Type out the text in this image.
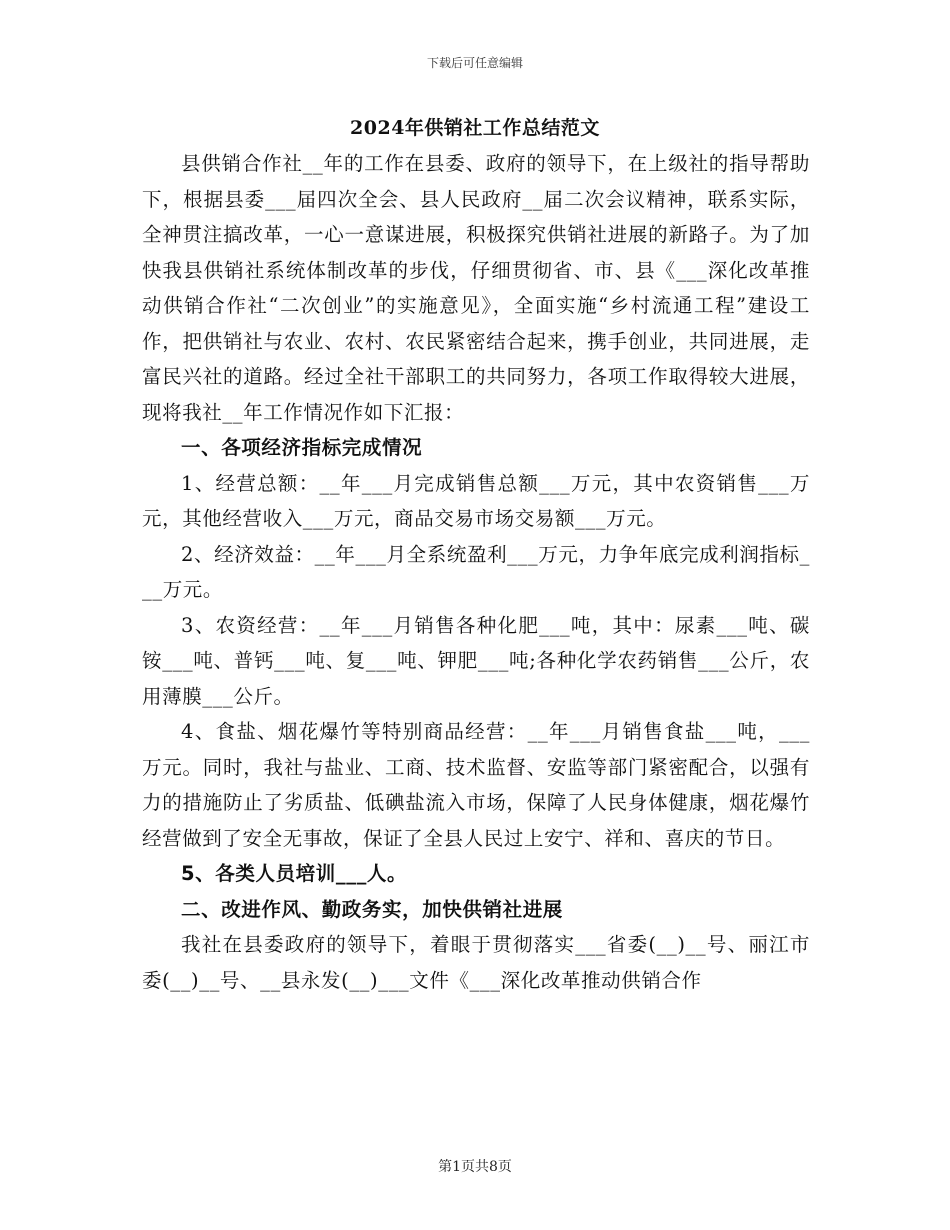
下载后可任意编辑
2024年供销社工作总结范文

县供销合作社__年的工作在县委、政府的领导下，在上级社的指导帮助下，根据县委___届四次全会、县人民政府__届二次会议精神，联系实际，全神贯注搞改革，一心一意谋进展，积极探究供销社进展的新路子。为了加快我县供销社系统体制改革的步伐，仔细贯彻省、市、县《___深化改革推动供销合作社“二次创业”的实施意见》，全面实施“乡村流通工程”建设工作，把供销社与农业、农村、农民紧密结合起来，携手创业，共同进展，走富民兴社的道路。经过全社干部职工的共同努力，各项工作取得较大进展，现将我社__年工作情况作如下汇报：

一、各项经济指标完成情况

1、经营总额：__年___月完成销售总额___万元，其中农资销售___万元，其他经营收入___万元，商品交易市场交易额___万元。

2、经济效益：__年___月全系统盈利___万元，力争年底完成利润指标___万元。

3、农资经营：__年___月销售各种化肥___吨，其中：尿素___吨、碳铵___吨、普钙___吨、复___吨、钾肥___吨;各种化学农药销售___公斤，农用薄膜___公斤。

4、食盐、烟花爆竹等特别商品经营：__年___月销售食盐___吨，___万元。同时，我社与盐业、工商、技术监督、安监等部门紧密配合，以强有力的措施防止了劣质盐、低碘盐流入市场，保障了人民身体健康，烟花爆竹经营做到了安全无事故，保证了全县人民过上安宁、祥和、喜庆的节日。

5、各类人员培训___人。

二、改进作风、勤政务实，加快供销社进展

我社在县委政府的领导下，着眼于贯彻落实___省委(__)__号、丽江市委(__)__号、__县永发(__)___文件《___深化改革推动供销合作

第1页共8页
